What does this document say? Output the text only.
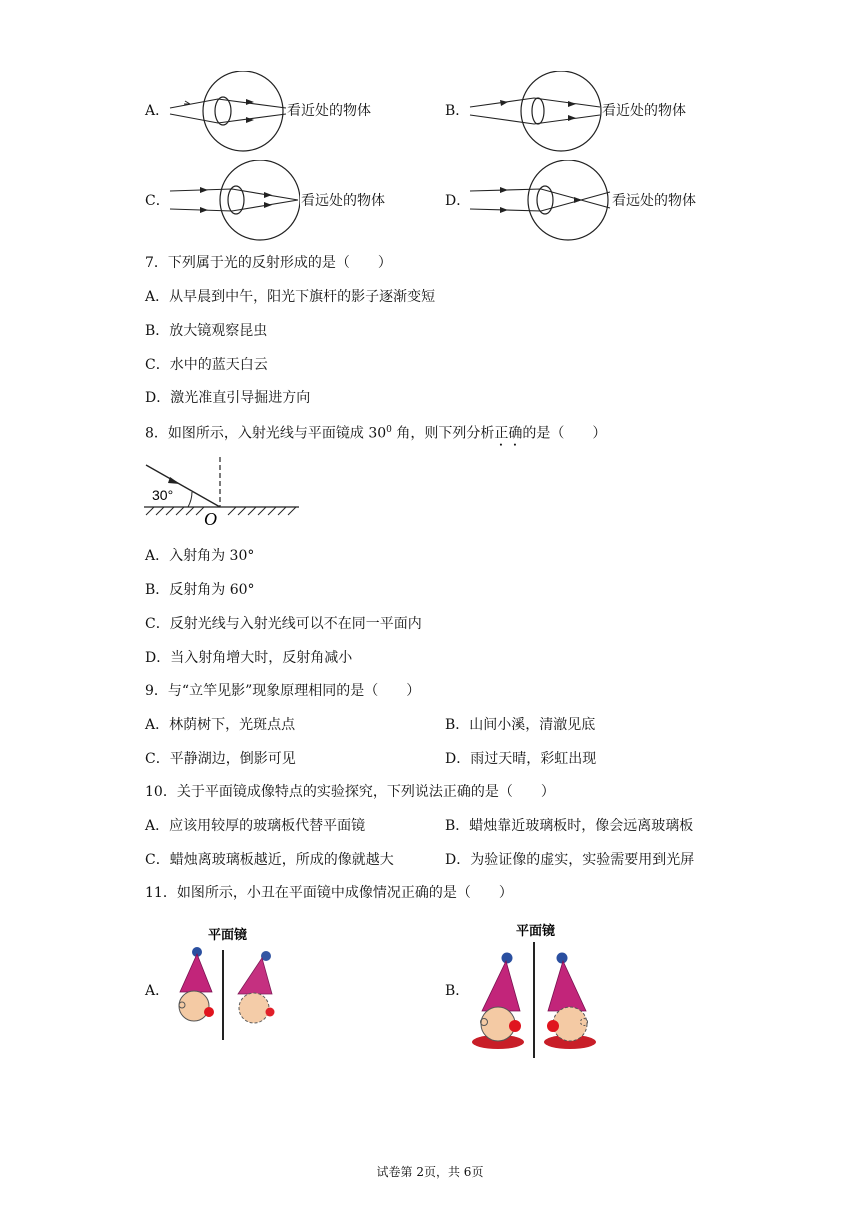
A．	看近处的物体	B．	看近处的物体
C．	看远处的物体	D．	看远处的物体
7．下列属于光的反射形成的是（　　）
A．从早晨到中午，阳光下旗杆的影子逐渐变短
B．放大镜观察昆虫
C．水中的蓝天白云
D．激光准直引导掘进方向
8．如图所示，入射光线与平面镜成 $30^0$ 角，则下列分析正确的是（　　）
30°
O
A．入射角为 30°
B．反射角为 60°
C．反射光线与入射光线可以不在同一平面内
D．当入射角增大时，反射角减小
9．与“立竿见影”现象原理相同的是（　　）
A．林荫树下，光斑点点	B．山间小溪，清澈见底
C．平静湖边，倒影可见	D．雨过天晴，彩虹出现
10．关于平面镜成像特点的实验探究，下列说法正确的是（　　）
A．应该用较厚的玻璃板代替平面镜	B．蜡烛靠近玻璃板时，像会远离玻璃板
C．蜡烛离玻璃板越近，所成的像就越大	D．为验证像的虚实，实验需要用到光屏
11．如图所示，小丑在平面镜中成像情况正确的是（　　）
A．
平面镜
B．
平面镜
试卷第 2页，共 6页
